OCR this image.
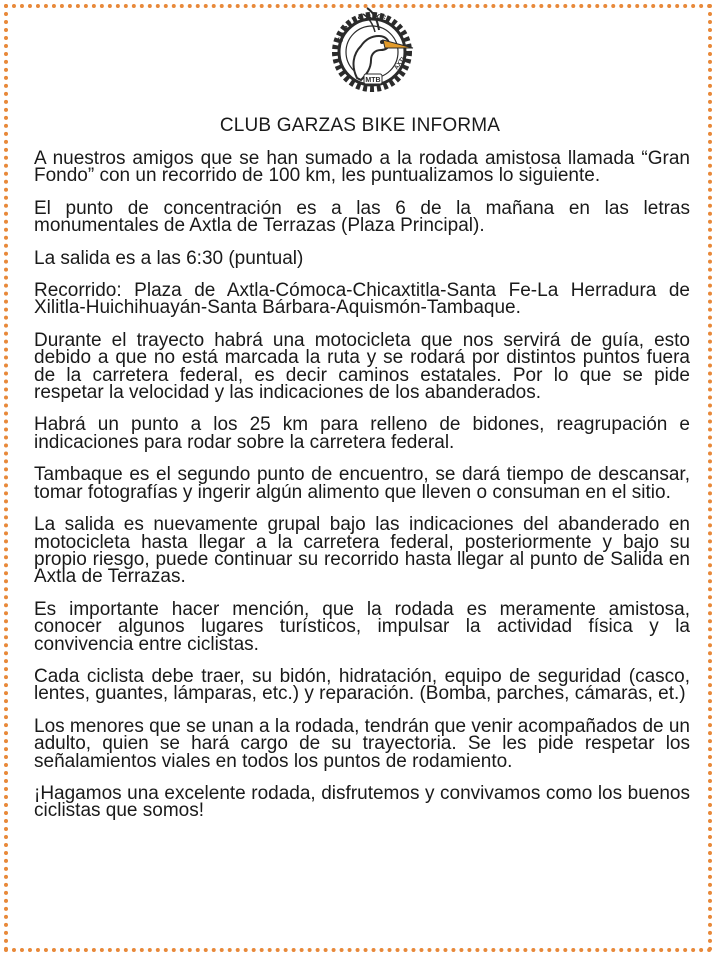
GARZAS BIKE
AXTLA
MTB
CLUB GARZAS BIKE INFORMA

A nuestros amigos que se han sumado a la rodada amistosa llamada “Gran Fondo” con un recorrido de 100 km, les puntualizamos lo siguiente.

El punto de concentración es a las 6 de la mañana en las letras monumentales de Axtla de Terrazas (Plaza Principal).

La salida es a las 6:30 (puntual)

Recorrido: Plaza de Axtla-Cómoca-Chicaxtitla-Santa Fe-La Herradura de Xilitla-Huichihuayán-Santa Bárbara-Aquismón-Tambaque.

Durante el trayecto habrá una motocicleta que nos servirá de guía, esto debido a que no está marcada la ruta y se rodará por distintos puntos fuera de la carretera federal, es decir caminos estatales. Por lo que se pide respetar la velocidad y las indicaciones de los abanderados.

Habrá un punto a los 25 km para relleno de bidones, reagrupación e indicaciones para rodar sobre la carretera federal.

Tambaque es el segundo punto de encuentro, se dará tiempo de descansar, tomar fotografías y ingerir algún alimento que lleven o consuman en el sitio.

La salida es nuevamente grupal bajo las indicaciones del abanderado en motocicleta hasta llegar a la carretera federal, posteriormente y bajo su propio riesgo, puede continuar su recorrido hasta llegar al punto de Salida en Axtla de Terrazas.

Es importante hacer mención, que la rodada es meramente amistosa, conocer algunos lugares turísticos, impulsar la actividad física y la convivencia entre ciclistas.

Cada ciclista debe traer, su bidón, hidratación, equipo de seguridad (casco, lentes, guantes, lámparas, etc.) y reparación. (Bomba, parches, cámaras, et.)

Los menores que se unan a la rodada, tendrán que venir acompañados de un adulto, quien se hará cargo de su trayectoria. Se les pide respetar los señalamientos viales en todos los puntos de rodamiento.

¡Hagamos una excelente rodada, disfrutemos y convivamos como los buenos ciclistas que somos!
